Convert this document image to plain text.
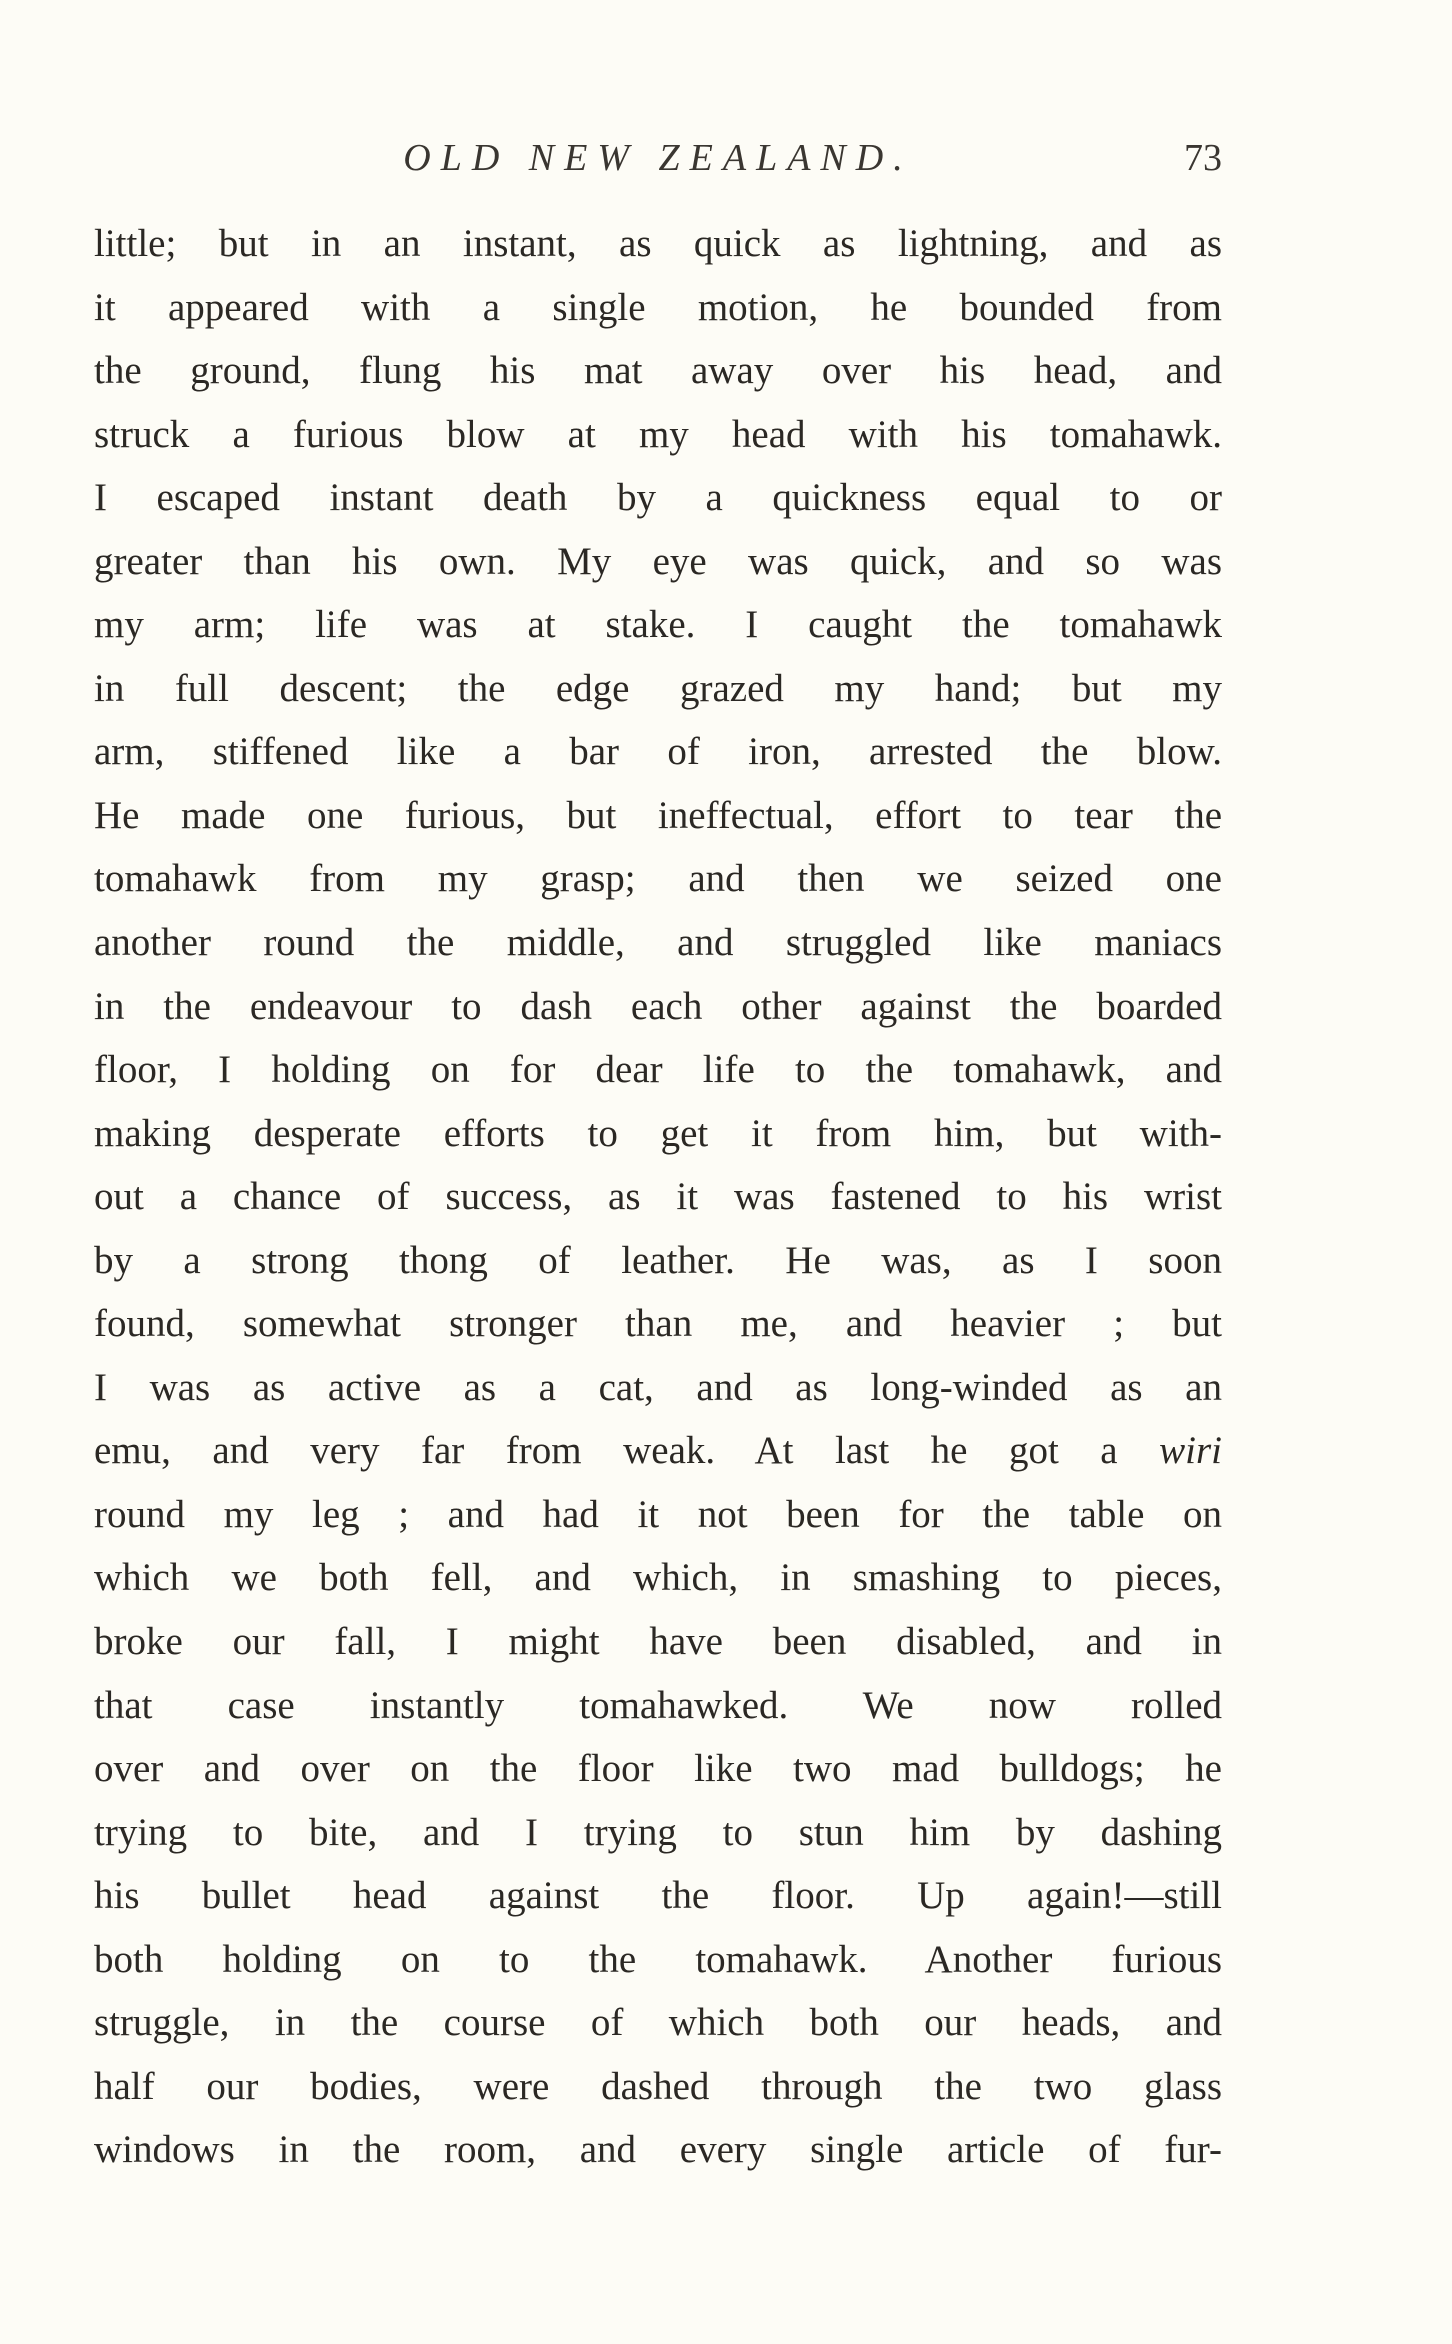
OLD NEW ZEALAND.	73
little; but in an instant, as quick as lightning, and as
it appeared with a single motion, he bounded from
the ground, flung his mat away over his head, and
struck a furious blow at my head with his tomahawk.
I escaped instant death by a quickness equal to or
greater than his own. My eye was quick, and so was
my arm; life was at stake. I caught the tomahawk
in full descent; the edge grazed my hand; but my
arm, stiffened like a bar of iron, arrested the blow.
He made one furious, but ineffectual, effort to tear the
tomahawk from my grasp; and then we seized one
another round the middle, and struggled like maniacs
in the endeavour to dash each other against the boarded
floor, I holding on for dear life to the tomahawk, and
making desperate efforts to get it from him, but with-
out a chance of success, as it was fastened to his wrist
by a strong thong of leather. He was, as I soon
found, somewhat stronger than me, and heavier ; but
I was as active as a cat, and as long-winded as an
emu, and very far from weak. At last he got a wiri
round my leg ; and had it not been for the table on
which we both fell, and which, in smashing to pieces,
broke our fall, I might have been disabled, and in
that case instantly tomahawked. We now rolled
over and over on the floor like two mad bulldogs; he
trying to bite, and I trying to stun him by dashing
his bullet head against the floor. Up again!—still
both holding on to the tomahawk. Another furious
struggle, in the course of which both our heads, and
half our bodies, were dashed through the two glass
windows in the room, and every single article of fur-
